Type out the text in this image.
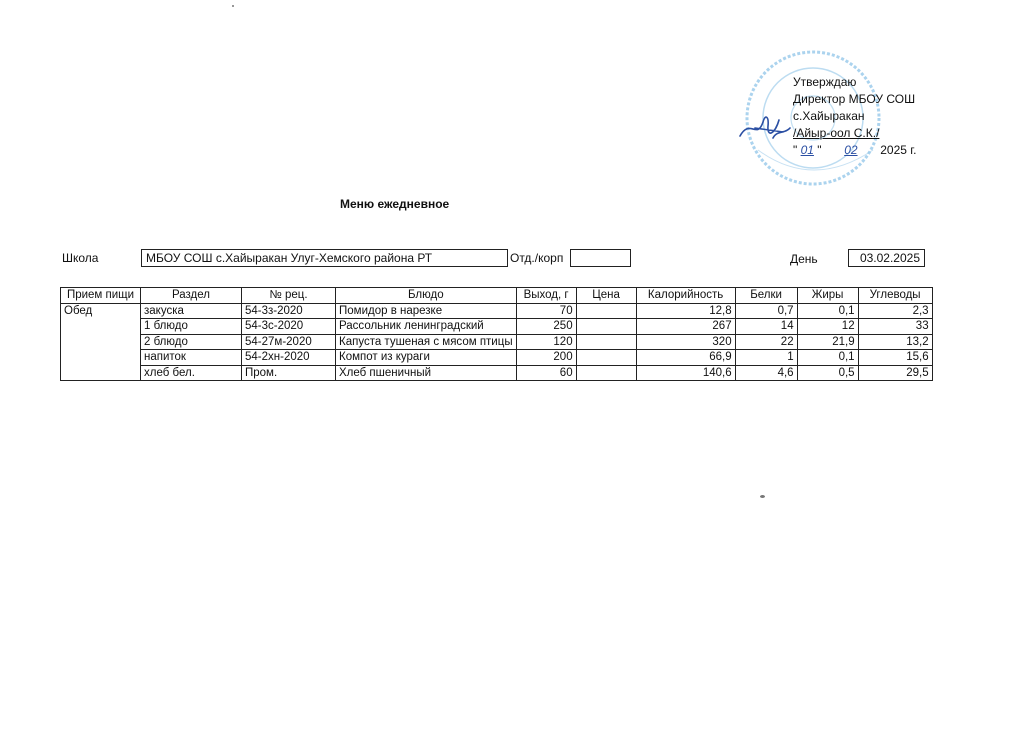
Утверждаю
Директор МБОУ СОШ
с.Хайыракан
/Айыр-оол С.К./
" 01 " 02 2025 г.
Меню ежедневное
Школа	МБОУ СОШ с.Хайыракан Улуг-Хемского района РТ	Отд./корп	День	03.02.2025
Прием пищи	Раздел	№ рец.	Блюдо	Выход, г	Цена	Калорийность	Белки	Жиры	Углеводы
Обед	закуска	54-3з-2020	Помидор в нарезке	70		12,8	0,7	0,1	2,3
	1 блюдо	54-3с-2020	Рассольник ленинградский	250		267	14	12	33
	2 блюдо	54-27м-2020	Капуста тушеная с мясом птицы	120		320	22	21,9	13,2
	напиток	54-2хн-2020	Компот из кураги	200		66,9	1	0,1	15,6
	хлеб бел.	Пром.	Хлеб пшеничный	60		140,6	4,6	0,5	29,5
